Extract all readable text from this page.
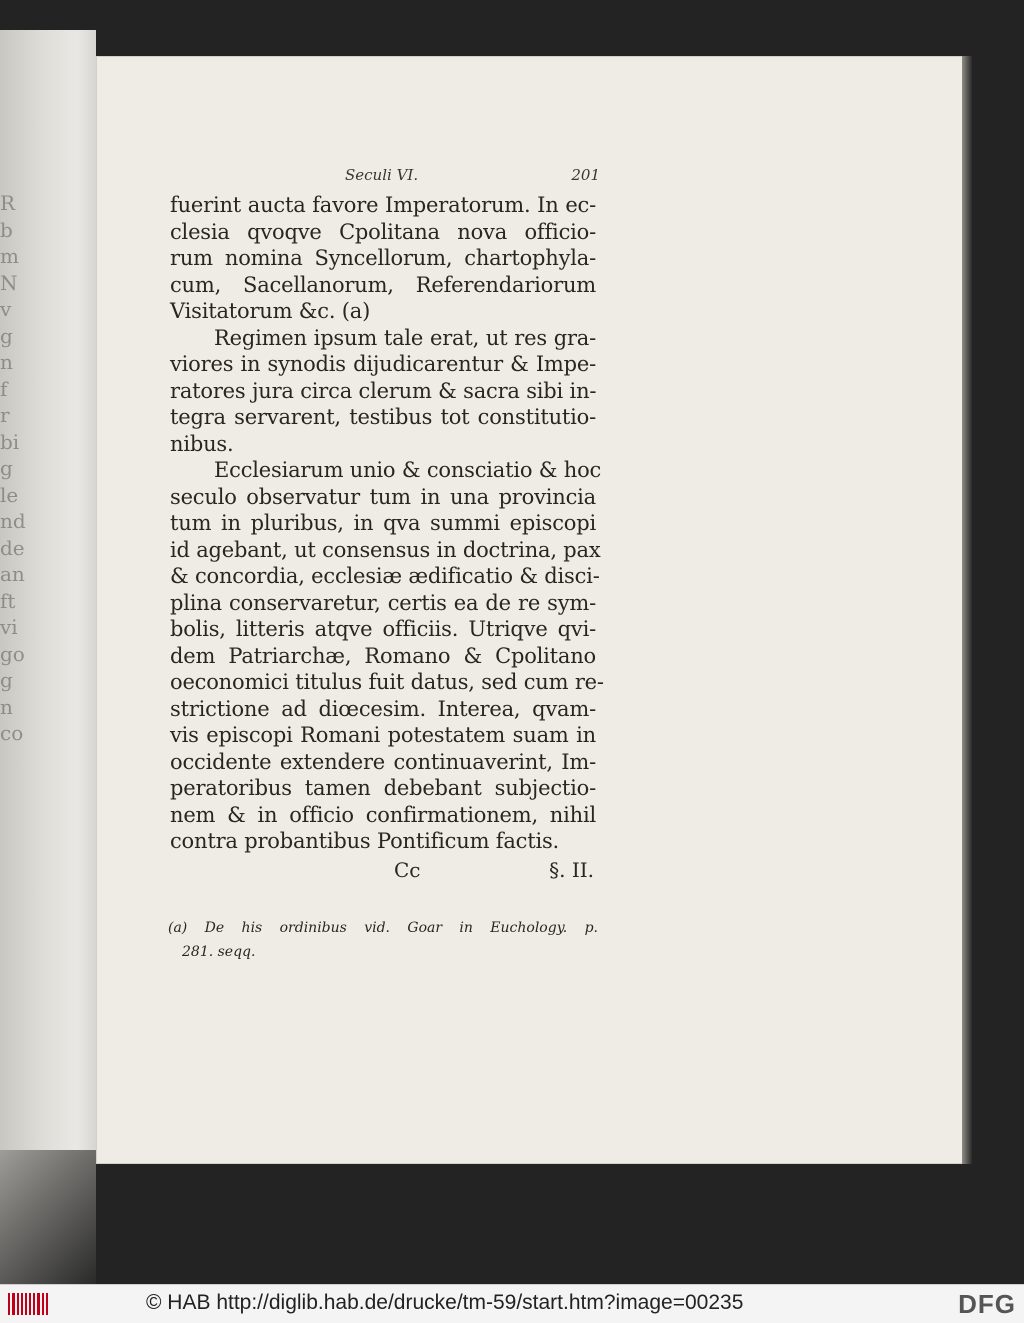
R
b
m
N
v
g
n
f
r
bi
g
le
nd
de
an
ft
vi
go
g
n
co
Seculi VI.	201
fuerint aucta favore Imperatorum. In ec-
clesia qvoqve Cpolitana nova officio-
rum nomina Syncellorum, chartophyla-
cum, Sacellanorum, Referendariorum
Visitatorum &c. (a)
Regimen ipsum tale erat, ut res gra-
viores in synodis dijudicarentur & Impe-
ratores jura circa clerum & sacra sibi in-
tegra servarent, testibus tot constitutio-
nibus.
Ecclesiarum unio & consciatio & hoc
seculo observatur tum in una provincia
tum in pluribus, in qva summi episcopi
id agebant, ut consensus in doctrina, pax
& concordia, ecclesiæ ædificatio & disci-
plina conservaretur, certis ea de re sym-
bolis, litteris atqve officiis. Utriqve qvi-
dem Patriarchæ, Romano & Cpolitano
oeconomici titulus fuit datus, sed cum re-
strictione ad diœcesim. Interea, qvam-
vis episcopi Romani potestatem suam in
occidente extendere continuaverint, Im-
peratoribus tamen debebant subjectio-
nem & in officio confirmationem, nihil
contra probantibus Pontificum factis.
Cc	§. II.
(a) De his ordinibus vid. Goar in Euchology. p.
281. seqq.
© HAB http://diglib.hab.de/drucke/tm-59/start.htm?image=00235	DFG
